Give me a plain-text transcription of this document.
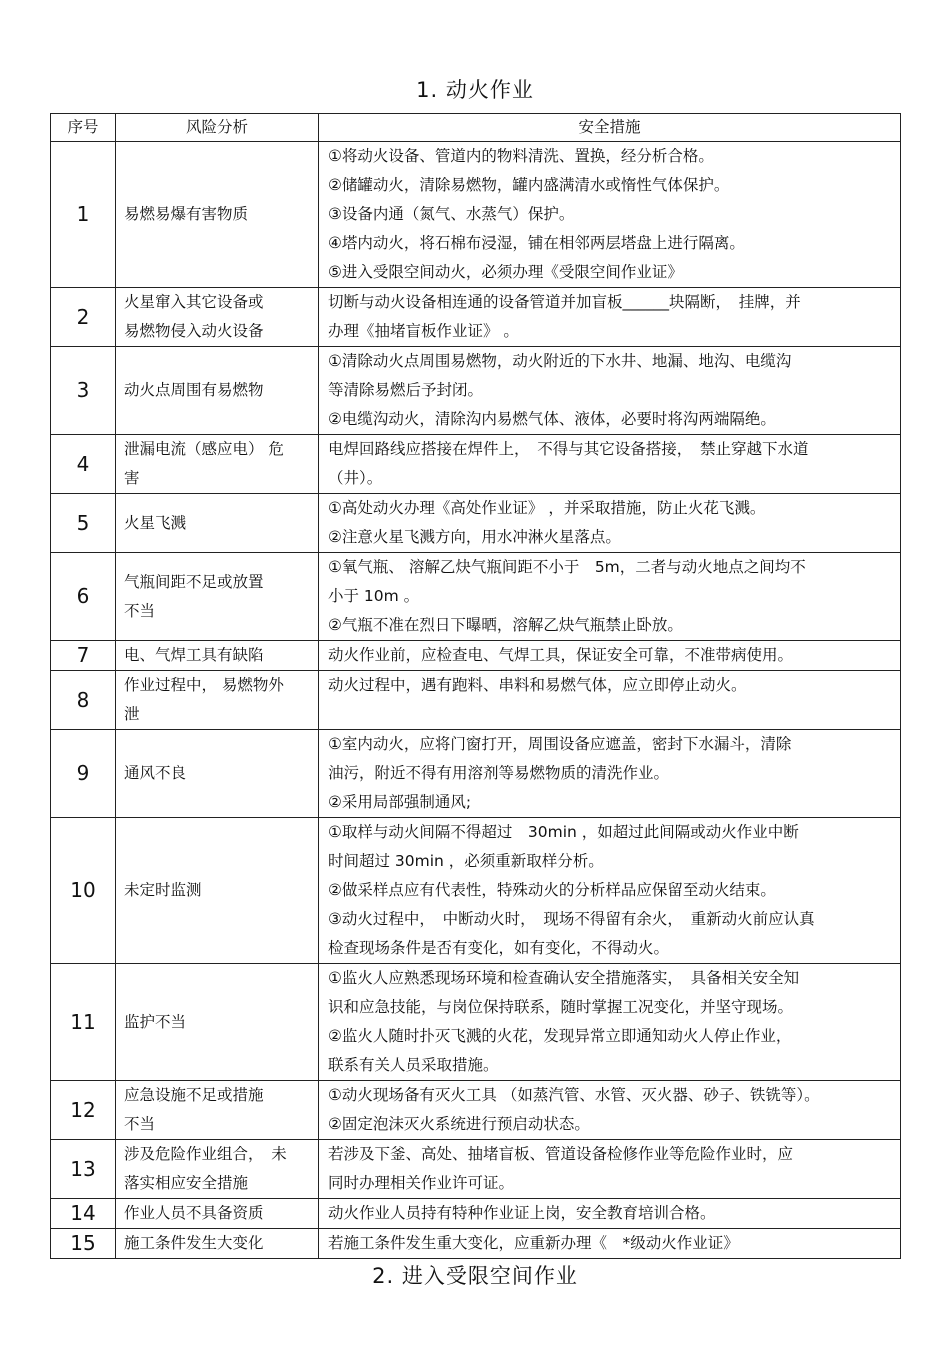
1. 动火作业
序号	风险分析	安全措施
1	易燃易爆有害物质	①将动火设备、管道内的物料清洗、置换，经分析合格。
②储罐动火，清除易燃物，罐内盛满清水或惰性气体保护。
③设备内通（氮气、水蒸气）保护。
④塔内动火，将石棉布浸湿，铺在相邻两层塔盘上进行隔离。
⑤进入受限空间动火，必须办理《受限空间作业证》

2	火星窜入其它设备或
易燃物侵入动火设备	切断与动火设备相连通的设备管道并加盲板______块隔断，　挂牌，并
办理《抽堵盲板作业证》 。

3	动火点周围有易燃物	①清除动火点周围易燃物，动火附近的下水井、地漏、地沟、电缆沟
等清除易燃后予封闭。
②电缆沟动火，清除沟内易燃气体、液体，必要时将沟两端隔绝。

4	泄漏电流（感应电） 危
害	电焊回路线应搭接在焊件上，　不得与其它设备搭接，　禁止穿越下水道
（井）。

5	火星飞溅	①高处动火办理《高处作业证》 ，并采取措施，防止火花飞溅。
②注意火星飞溅方向，用水冲淋火星落点。

6	气瓶间距不足或放置
不当	①氧气瓶、 溶解乙炔气瓶间距不小于　5m，二者与动火地点之间均不
小于 10m 。
②气瓶不准在烈日下曝晒，溶解乙炔气瓶禁止卧放。

7	电、气焊工具有缺陷	动火作业前，应检查电、气焊工具，保证安全可靠，不准带病使用。

8	作业过程中， 易燃物外
泄	动火过程中，遇有跑料、串料和易燃气体，应立即停止动火。

9	通风不良	①室内动火，应将门窗打开，周围设备应遮盖，密封下水漏斗，清除
油污，附近不得有用溶剂等易燃物质的清洗作业。
②采用局部强制通风;

10	未定时监测	①取样与动火间隔不得超过　30min ，如超过此间隔或动火作业中断
时间超过 30min ，必须重新取样分析。
②做采样点应有代表性，特殊动火的分析样品应保留至动火结束。
③动火过程中，　中断动火时，　现场不得留有余火，　重新动火前应认真
检查现场条件是否有变化，如有变化，不得动火。

11	监护不当	①监火人应熟悉现场环境和检查确认安全措施落实，　具备相关安全知
识和应急技能，与岗位保持联系，随时掌握工况变化，并坚守现场。
②监火人随时扑灭飞溅的火花，发现异常立即通知动火人停止作业，
联系有关人员采取措施。

12	应急设施不足或措施
不当	①动火现场备有灭火工具 （如蒸汽管、水管、灭火器、砂子、铁铣等）。
②固定泡沫灭火系统进行预启动状态。

13	涉及危险作业组合，　未
落实相应安全措施	若涉及下釜、高处、抽堵盲板、管道设备检修作业等危险作业时，应
同时办理相关作业许可证。

14	作业人员不具备资质	动火作业人员持有特种作业证上岗，安全教育培训合格。

15	施工条件发生大变化	若施工条件发生重大变化，应重新办理《　*级动火作业证》
2. 进入受限空间作业
